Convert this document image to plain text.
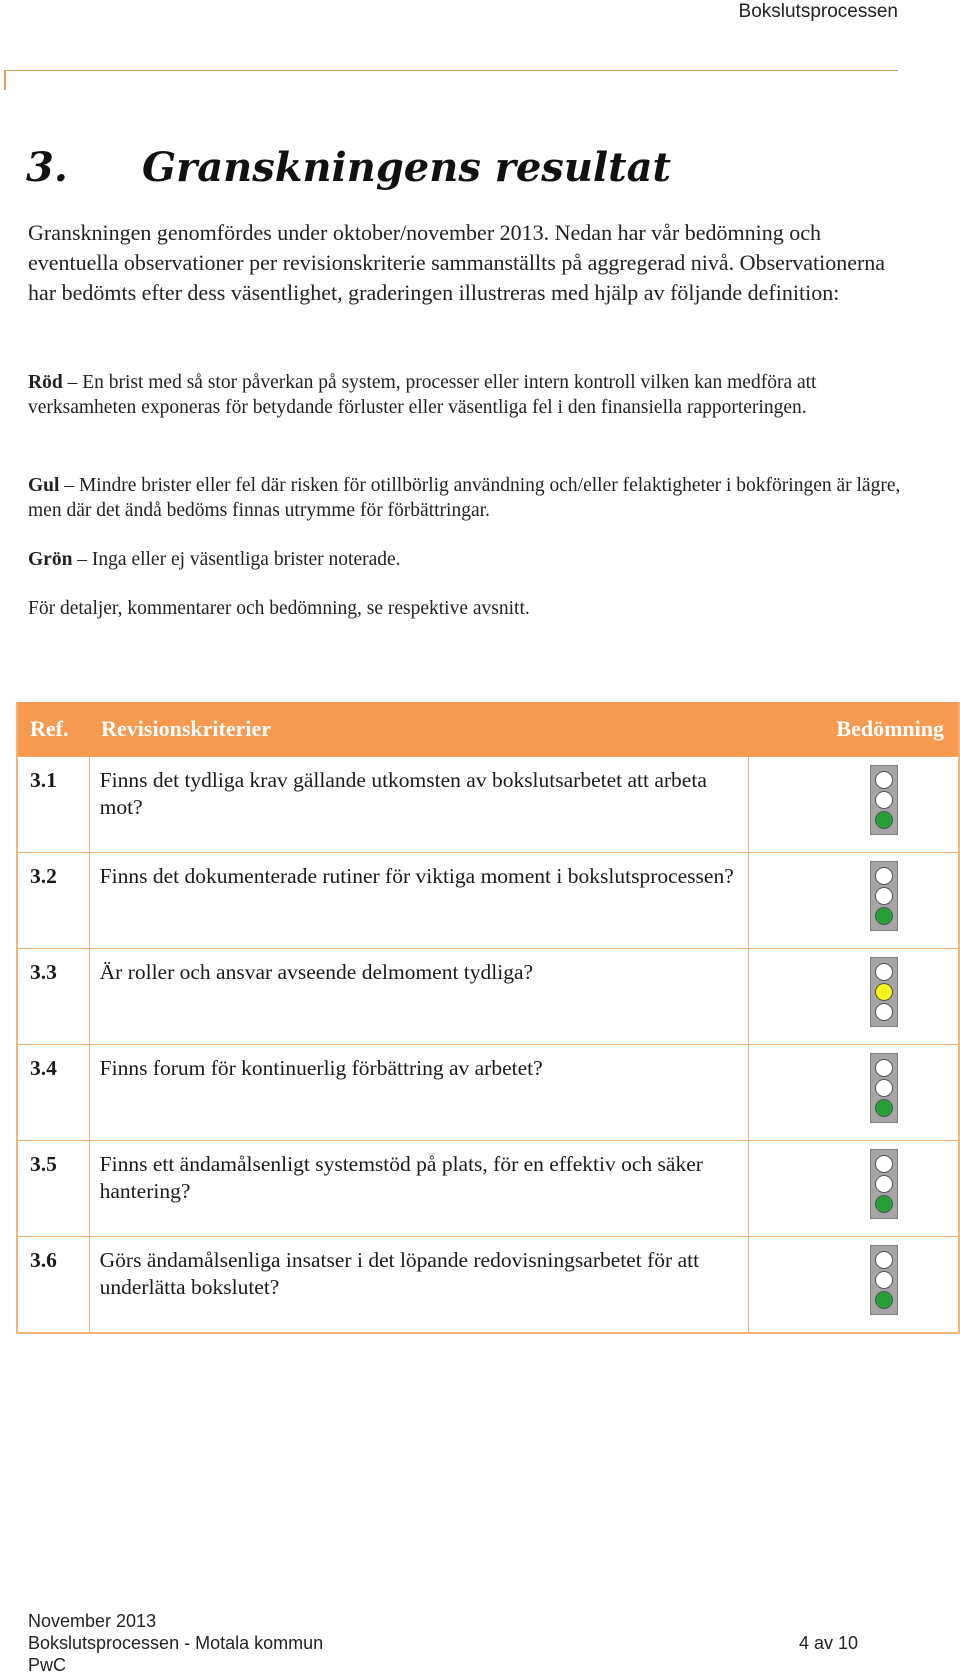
Bokslutsprocessen
3. Granskningens resultat

Granskningen genomfördes under oktober/november 2013. Nedan har vår bedömning och eventuella observationer per revisionskriterie sammanställts på aggregerad nivå. Observationerna har bedömts efter dess väsentlighet, graderingen illustreras med hjälp av följande definition:

Röd – En brist med så stor påverkan på system, processer eller intern kontroll vilken kan medföra att verksamheten exponeras för betydande förluster eller väsentliga fel i den finansiella rapporteringen.

Gul – Mindre brister eller fel där risken för otillbörlig användning och/eller felaktigheter i bokföringen är lägre, men där det ändå bedöms finnas utrymme för förbättringar.

Grön – Inga eller ej väsentliga brister noterade.

För detaljer, kommentarer och bedömning, se respektive avsnitt.

Ref.	Revisionskriterier	Bedömning
3.1	Finns det tydliga krav gällande utkomsten av bokslutsarbetet att arbeta mot?	

3.2	Finns det dokumenterade rutiner för viktiga moment i bokslutsprocessen?	

3.3	Är roller och ansvar avseende delmoment tydliga?	

3.4	Finns forum för kontinuerlig förbättring av arbetet?	

3.5	Finns ett ändamålsenligt systemstöd på plats, för en effektiv och säker hantering?	

3.6	Görs ändamålsenliga insatser i det löpande redovisningsarbetet för att underlätta bokslutet?	
November 2013
Bokslutsprocessen - Motala kommun
PwC
4 av 10
